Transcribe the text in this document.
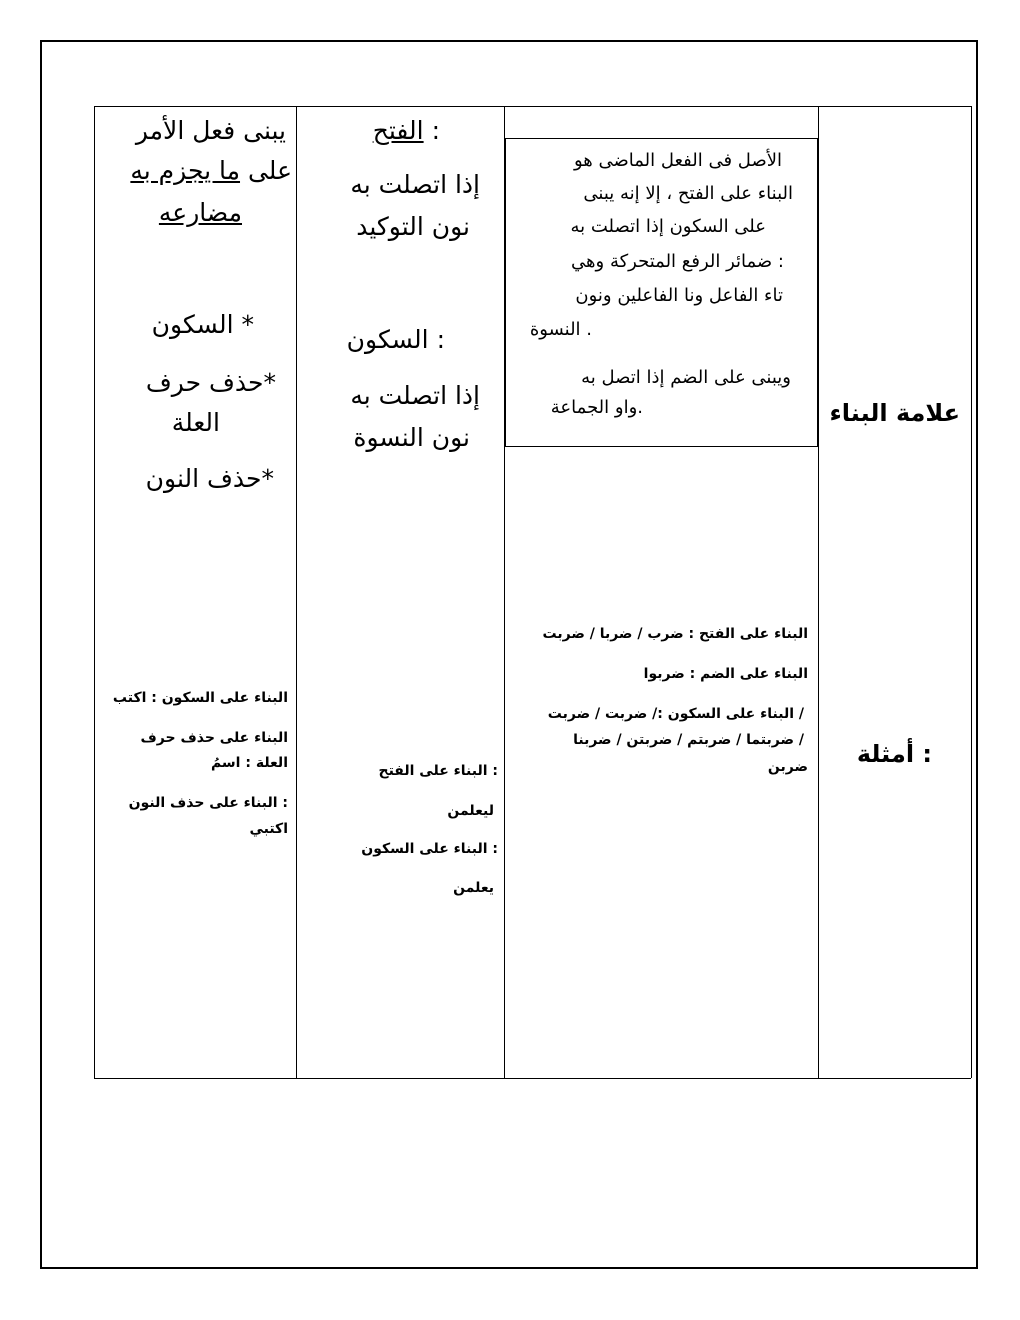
علامة البناء
: أمثلة
الأصل فى الفعل الماضى هو
البناء على الفتح ، إلا إنه يبنى
على السكون إذا اتصلت به
: ضمائر الرفع المتحركة وهي
تاء الفاعل ونا الفاعلين ونون
. النسوة
ويبنى على الضم إذا اتصل به
.واو الجماعة
البناء على الفتح : ضرب / ضربا / ضربت
البناء على الضم : ضربوا
/ البناء على السكون :/ ضربت / ضربت
/ ضربتما / ضربتم / ضربتن / ضربنا
ضربن
: الفتح
إذا اتصلت به
نون التوكيد
: السكون
إذا اتصلت به
نون النسوة
: البناء على الفتح
ليعلمن
: البناء على السكون
يعلمن
يبنى فعل الأمر
على ما يجزم به
مضارعه
* السكون
*حذف حرف
العلة
*حذف النون
البناء على السكون : اكتب
البناء على حذف حرف
العلة : اسمُ
: البناء على حذف النون
اكتبي
